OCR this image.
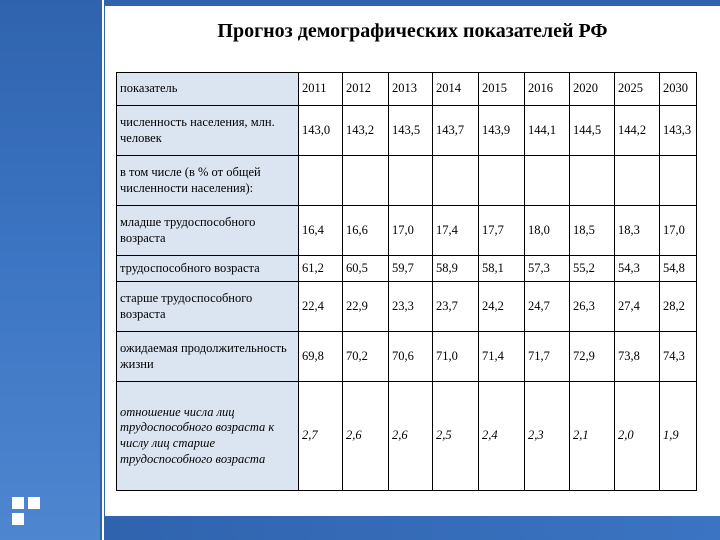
Прогноз демографических показателей РФ
показатель	2011	2012	2013	2014	2015	2016	2020	2025	2030
численность населения, млн. человек	143,0	143,2	143,5	143,7	143,9	144,1	144,5	144,2	143,3
в том числе (в % от общей численности населения):									
младше трудоспособного возраста	16,4	16,6	17,0	17,4	17,7	18,0	18,5	18,3	17,0
трудоспособного возраста	61,2	60,5	59,7	58,9	58,1	57,3	55,2	54,3	54,8
старше трудоспособного возраста	22,4	22,9	23,3	23,7	24,2	24,7	26,3	27,4	28,2
ожидаемая продолжительность жизни	69,8	70,2	70,6	71,0	71,4	71,7	72,9	73,8	74,3
отношение числа лиц трудоспособного возраста к числу лиц старше трудоспособного возраста	2,7	2,6	2,6	2,5	2,4	2,3	2,1	2,0	1,9
